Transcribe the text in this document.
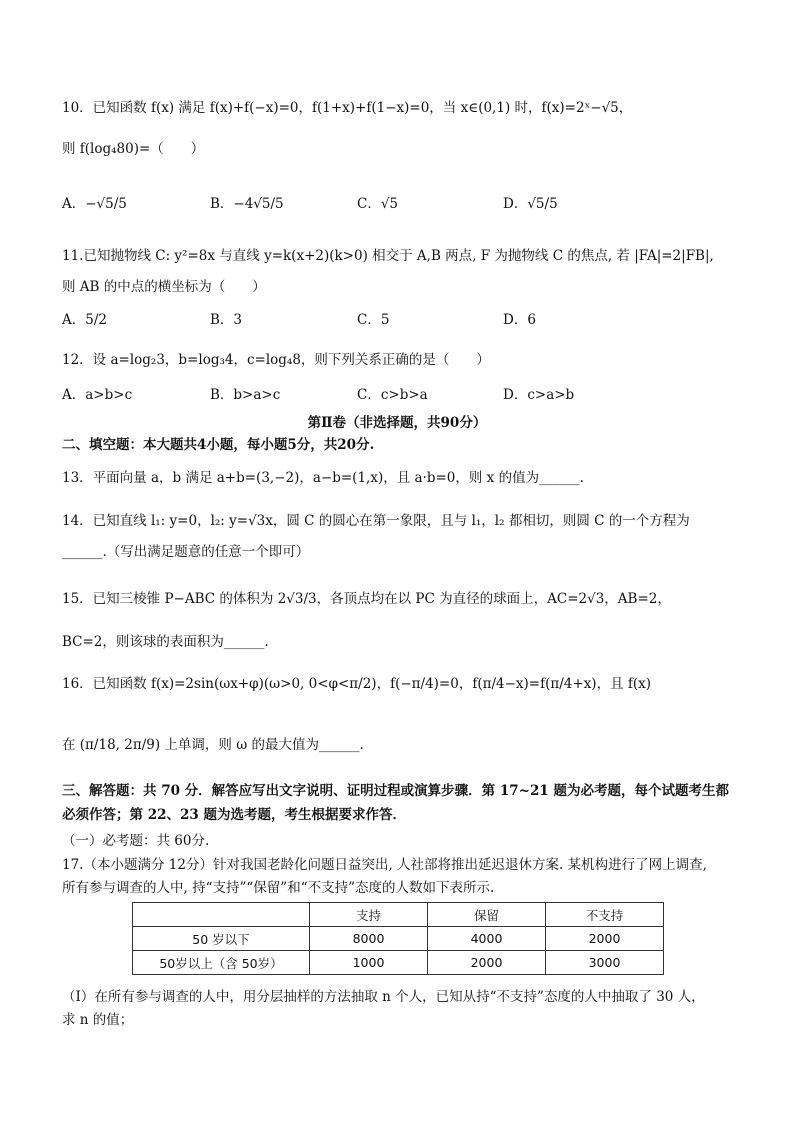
10．已知函数 f(x) 满足 f(x)+f(−x)=0，f(1+x)+f(1−x)=0，当 x∈(0,1) 时，f(x)=2ˣ−√5，
则 f(log₄80)=（　　）
A．−√5/5	B．−4√5/5	C．√5	D．√5/5
11.已知抛物线 C: y²=8x 与直线 y=k(x+2)(k>0) 相交于 A,B 两点, F 为抛物线 C 的焦点, 若 |FA|=2|FB|,
则 AB 的中点的横坐标为（　　）
A．5/2	B．3	C．5	D．6
12．设 a=log₂3，b=log₃4，c=log₄8，则下列关系正确的是（　　）
A．a>b>c	B．b>a>c	C．c>b>a	D．c>a>b
第Ⅱ卷（非选择题，共90分）
二、填空题：本大题共4小题，每小题5分，共20分.
13．平面向量 a，b 满足 a+b=(3,−2)，a−b=(1,x)，且 a·b=0，则 x 的值为______.
14．已知直线 l₁: y=0，l₂: y=√3x，圆 C 的圆心在第一象限，且与 l₁，l₂ 都相切，则圆 C 的一个方程为
______.（写出满足题意的任意一个即可）
15．已知三棱锥 P−ABC 的体积为 2√3/3，各顶点均在以 PC 为直径的球面上，AC=2√3，AB=2，
BC=2，则该球的表面积为______.
16．已知函数 f(x)=2sin(ωx+φ)(ω>0, 0<φ<π/2)，f(−π/4)=0，f(π/4−x)=f(π/4+x)，且 f(x)
在 (π/18, 2π/9) 上单调，则 ω 的最大值为______.
三、解答题：共 70 分．解答应写出文字说明、证明过程或演算步骤．第 17~21 题为必考题，每个试题考生都
必须作答；第 22、23 题为选考题，考生根据要求作答．
（一）必考题：共 60分.
17.（本小题满分 12分）针对我国老龄化问题日益突出, 人社部将推出延迟退休方案. 某机构进行了网上调查,
所有参与调查的人中, 持“支持”“保留”和“不支持”态度的人数如下表所示.
	支持	保留	不支持
50 岁以下	8000	4000	2000
50岁以上（含 50岁）	1000	2000	3000
（Ⅰ）在所有参与调查的人中，用分层抽样的方法抽取 n 个人，已知从持“不支持”态度的人中抽取了 30 人，
求 n 的值；
